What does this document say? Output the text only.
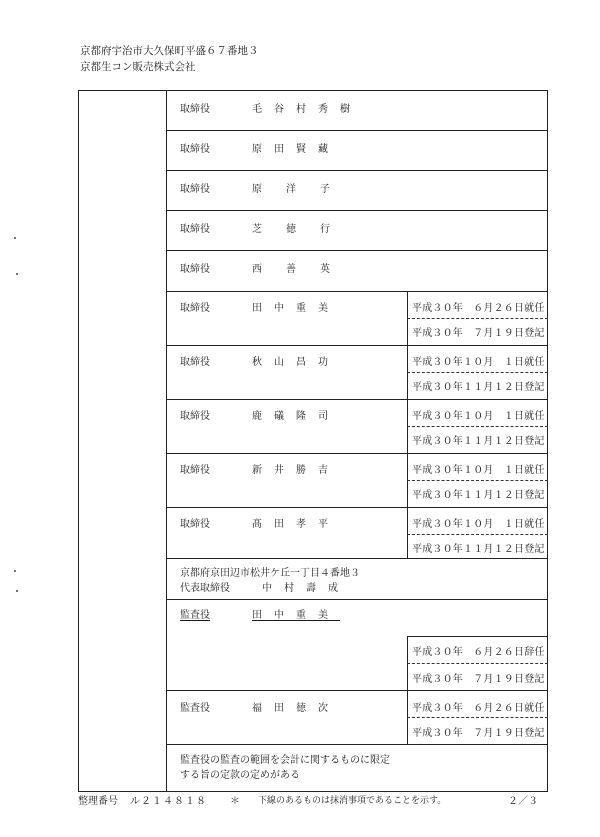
京都府宇治市大久保町平盛６７番地３
京都生コン販売株式会社
取締役	毛谷村秀樹
取締役	原田賢藏
取締役	原洋子
取締役	芝徳行
取締役	西善英
取締役	田中重美	平成３０年　６月２６日就任
平成３０年　７月１９日登記
取締役	秋山昌功	平成３０年１０月　１日就任
平成３０年１１月１２日登記
取締役	鹿礒隆司	平成３０年１０月　１日就任
平成３０年１１月１２日登記
取締役	新井勝吉	平成３０年１０月　１日就任
平成３０年１１月１２日登記
取締役	髙田孝平	平成３０年１０月　１日就任
平成３０年１１月１２日登記
京都府京田辺市松井ケ丘一丁目４番地３
代表取締役	中村壽成
監査役	田中重美
平成３０年　６月２６日辞任
平成３０年　７月１９日登記
監査役	福田徳次	平成３０年　６月２６日就任
平成３０年　７月１９日登記
監査役の監査の範囲を会計に関するものに限定
する旨の定款の定めがある
整理番号 ル２１４８１８ ＊ 下線のあるものは抹消事項であることを示す。	２／３
